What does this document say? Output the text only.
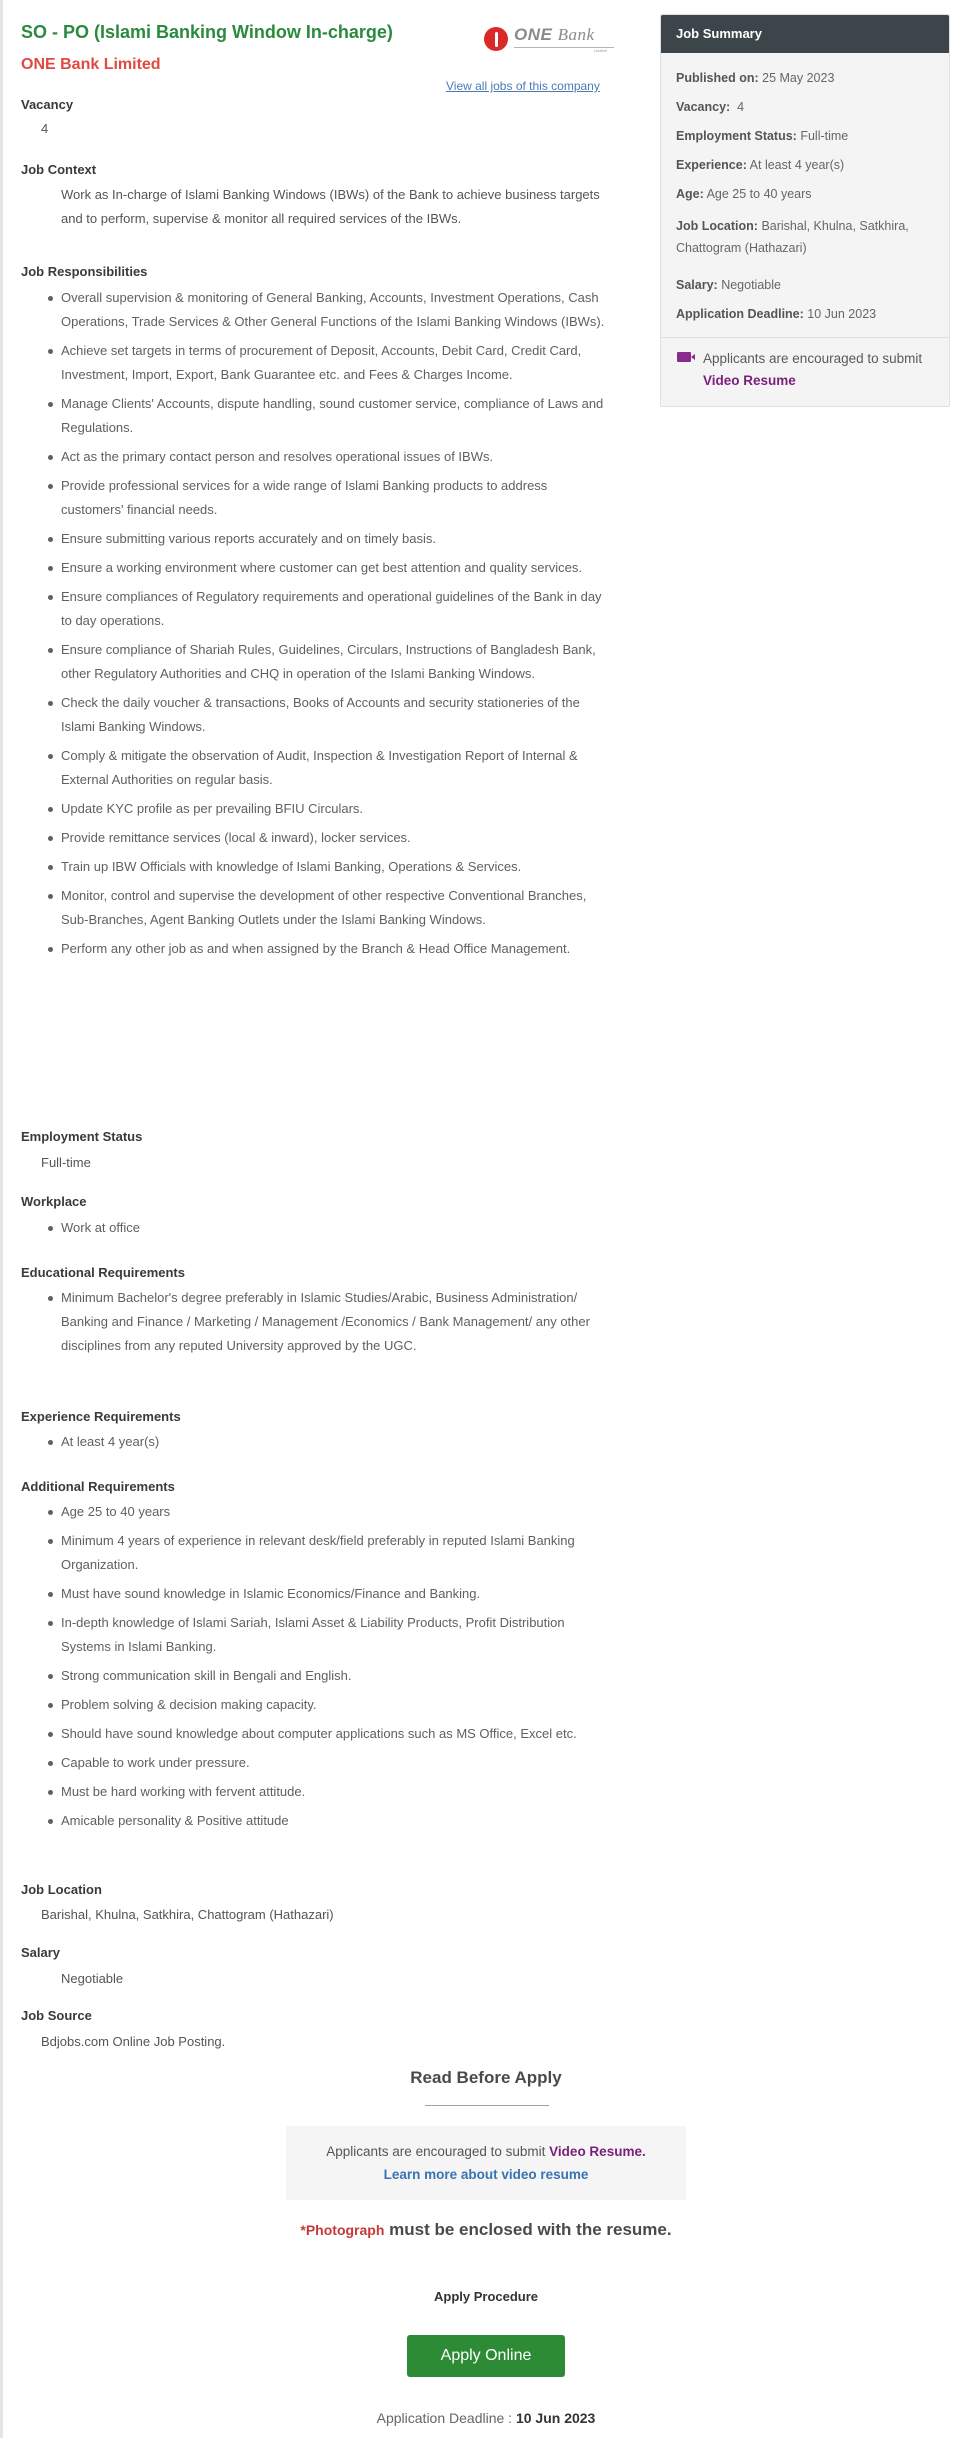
SO - PO (Islami Banking Window In-charge)
ONE Bank Limited
ONE Bank
Limited
View all jobs of this company
Vacancy
4
Job Context
Work as In-charge of Islami Banking Windows (IBWs) of the Bank to achieve business targets and to perform, supervise & monitor all required services of the IBWs.
Job Responsibilities
Overall supervision & monitoring of General Banking, Accounts, Investment Operations, Cash Operations, Trade Services & Other General Functions of the Islami Banking Windows (IBWs).
Achieve set targets in terms of procurement of Deposit, Accounts, Debit Card, Credit Card, Investment, Import, Export, Bank Guarantee etc. and Fees & Charges Income.
Manage Clients' Accounts, dispute handling, sound customer service, compliance of Laws and Regulations.
Act as the primary contact person and resolves operational issues of IBWs.
Provide professional services for a wide range of Islami Banking products to address customers' financial needs.
Ensure submitting various reports accurately and on timely basis.
Ensure a working environment where customer can get best attention and quality services.
Ensure compliances of Regulatory requirements and operational guidelines of the Bank in day to day operations.
Ensure compliance of Shariah Rules, Guidelines, Circulars, Instructions of Bangladesh Bank, other Regulatory Authorities and CHQ in operation of the Islami Banking Windows.
Check the daily voucher & transactions, Books of Accounts and security stationeries of the Islami Banking Windows.
Comply & mitigate the observation of Audit, Inspection & Investigation Report of Internal & External Authorities on regular basis.
Update KYC profile as per prevailing BFIU Circulars.
Provide remittance services (local & inward), locker services.
Train up IBW Officials with knowledge of Islami Banking, Operations & Services.
Monitor, control and supervise the development of other respective Conventional Branches, Sub-Branches, Agent Banking Outlets under the Islami Banking Windows.
Perform any other job as and when assigned by the Branch & Head Office Management.
Employment Status
Full-time
Workplace
Work at office
Educational Requirements
Minimum Bachelor's degree preferably in Islamic Studies/Arabic, Business Administration/ Banking and Finance / Marketing / Management /Economics / Bank Management/ any other disciplines from any reputed University approved by the UGC.
Experience Requirements
At least 4 year(s)
Additional Requirements
Age 25 to 40 years
Minimum 4 years of experience in relevant desk/field preferably in reputed Islami Banking Organization.
Must have sound knowledge in Islamic Economics/Finance and Banking.
In-depth knowledge of Islami Sariah, Islami Asset & Liability Products, Profit Distribution Systems in Islami Banking.
Strong communication skill in Bengali and English.
Problem solving & decision making capacity.
Should have sound knowledge about computer applications such as MS Office, Excel etc.
Capable to work under pressure.
Must be hard working with fervent attitude.
Amicable personality & Positive attitude
Job Location
Barishal, Khulna, Satkhira, Chattogram (Hathazari)
Salary
Negotiable
Job Source
Bdjobs.com Online Job Posting.
Job Summary
Published on: 25 May 2023
Vacancy: 4
Employment Status: Full-time
Experience: At least 4 year(s)
Age: Age 25 to 40 years
Job Location: Barishal, Khulna, Satkhira, Chattogram (Hathazari)
Salary: Negotiable
Application Deadline: 10 Jun 2023
Applicants are encouraged to submit Video Resume
Read Before Apply
Applicants are encouraged to submit Video Resume.
Learn more about video resume
*Photograph must be enclosed with the resume.
Apply Procedure
Apply Online
Application Deadline : 10 Jun 2023
